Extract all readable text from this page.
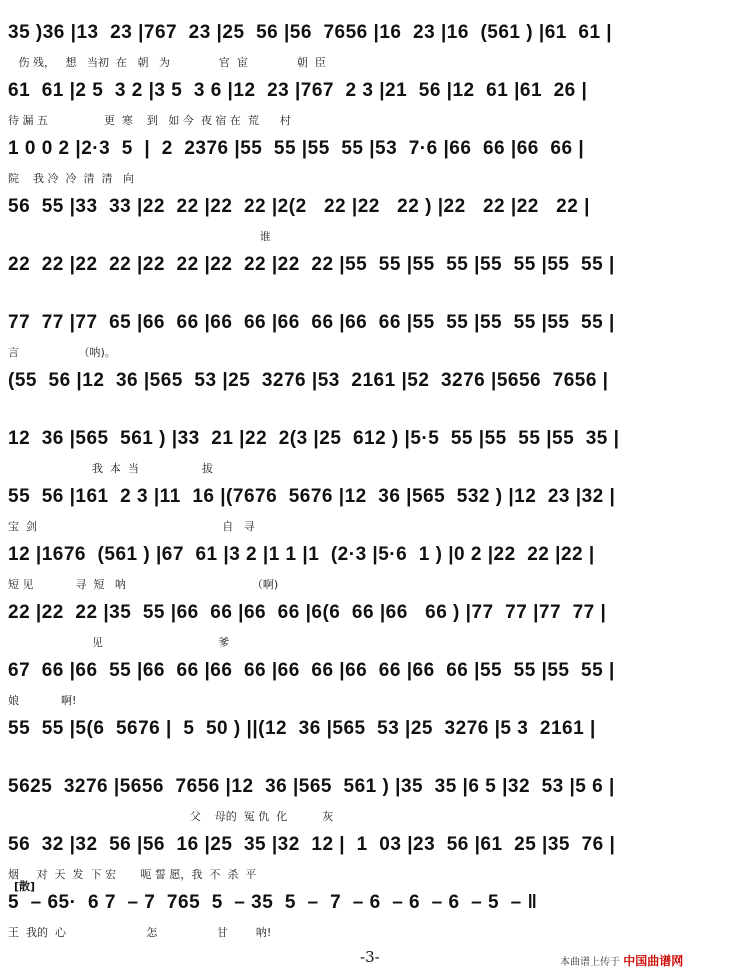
35 )36 |13  23 |767  23 |25  56 |56  7656 |16  23 |16  (561 ) |61  61 |
伤 残，   想   当初  在   朝   为              官  宦              朝  臣
61  61 |2 5  3 2 |3 5  3 6 |12  23 |767  2 3 |21  56 |12  61 |61  26 |
待 漏 五                更  寒    到   如 今  夜 宿 在  荒      村
1 0 0 2 |2·3  5  |  2  2376 |55  55 |55  55 |53  7·6 |66  66 |66  66 |
院    我 冷  冷  清  清   向
56  55 |33  33 |22  22 |22  22 |2(2   22 |22   22 ) |22   22 |22   22 |
谁
22  22 |22  22 |22  22 |22  22 |22  22 |55  55 |55  55 |55  55 |55  55 |
77  77 |77  65 |66  66 |66  66 |66  66 |66  66 |55  55 |55  55 |55  55 |
言                 （呐)。
(55  56 |12  36 |565  53 |25  3276 |53  2161 |52  3276 |5656  7656 |
12  36 |565  561 ) |33  21 |22  2(3 |25  612 ) |5·5  55 |55  55 |55  35 |
我  本  当                  拔
55  56 |161  2 3 |11  16 |(7676  5676 |12  36 |565  532 ) |12  23 |32 |
宝  剑                                                     自   寻
12 |1676  (561 ) |67  61 |3 2 |1 1 |1  (2·3 |5·6  1 ) |0 2 |22  22 |22 |
短 见            寻  短   呐                                    （啊)
22 |22  22 |35  55 |66  66 |66  66 |6(6  66 |66   66 ) |77  77 |77  77 |
见                                 爹
67  66 |66  55 |66  66 |66  66 |66  66 |66  66 |66  66 |55  55 |55  55 |
娘            啊!
55  55 |5(6  5676 |  5  50 ) ||(12  36 |565  53 |25  3276 |5 3  2161 |
5625  3276 |5656  7656 |12  36 |565  561 ) |35  35 |6 5 |32  53 |5 6 |
父    母的  冤 仇  化          灰
56  32 |32  56 |56  16 |25  35 |32  12 |  1  03 |23  56 |61  25 |35  76 |
烟     对  天  发  下 宏       呃 誓 愿，我  不  杀  平
5  – 65·  6 7  – 7  765  5  – 35  5  –  7  – 6  – 6  – 6  – 5  – ‖
王  我的  心                       怎                 甘        呐!
-3-	本曲谱上传于 中国曲谱网
[散]
